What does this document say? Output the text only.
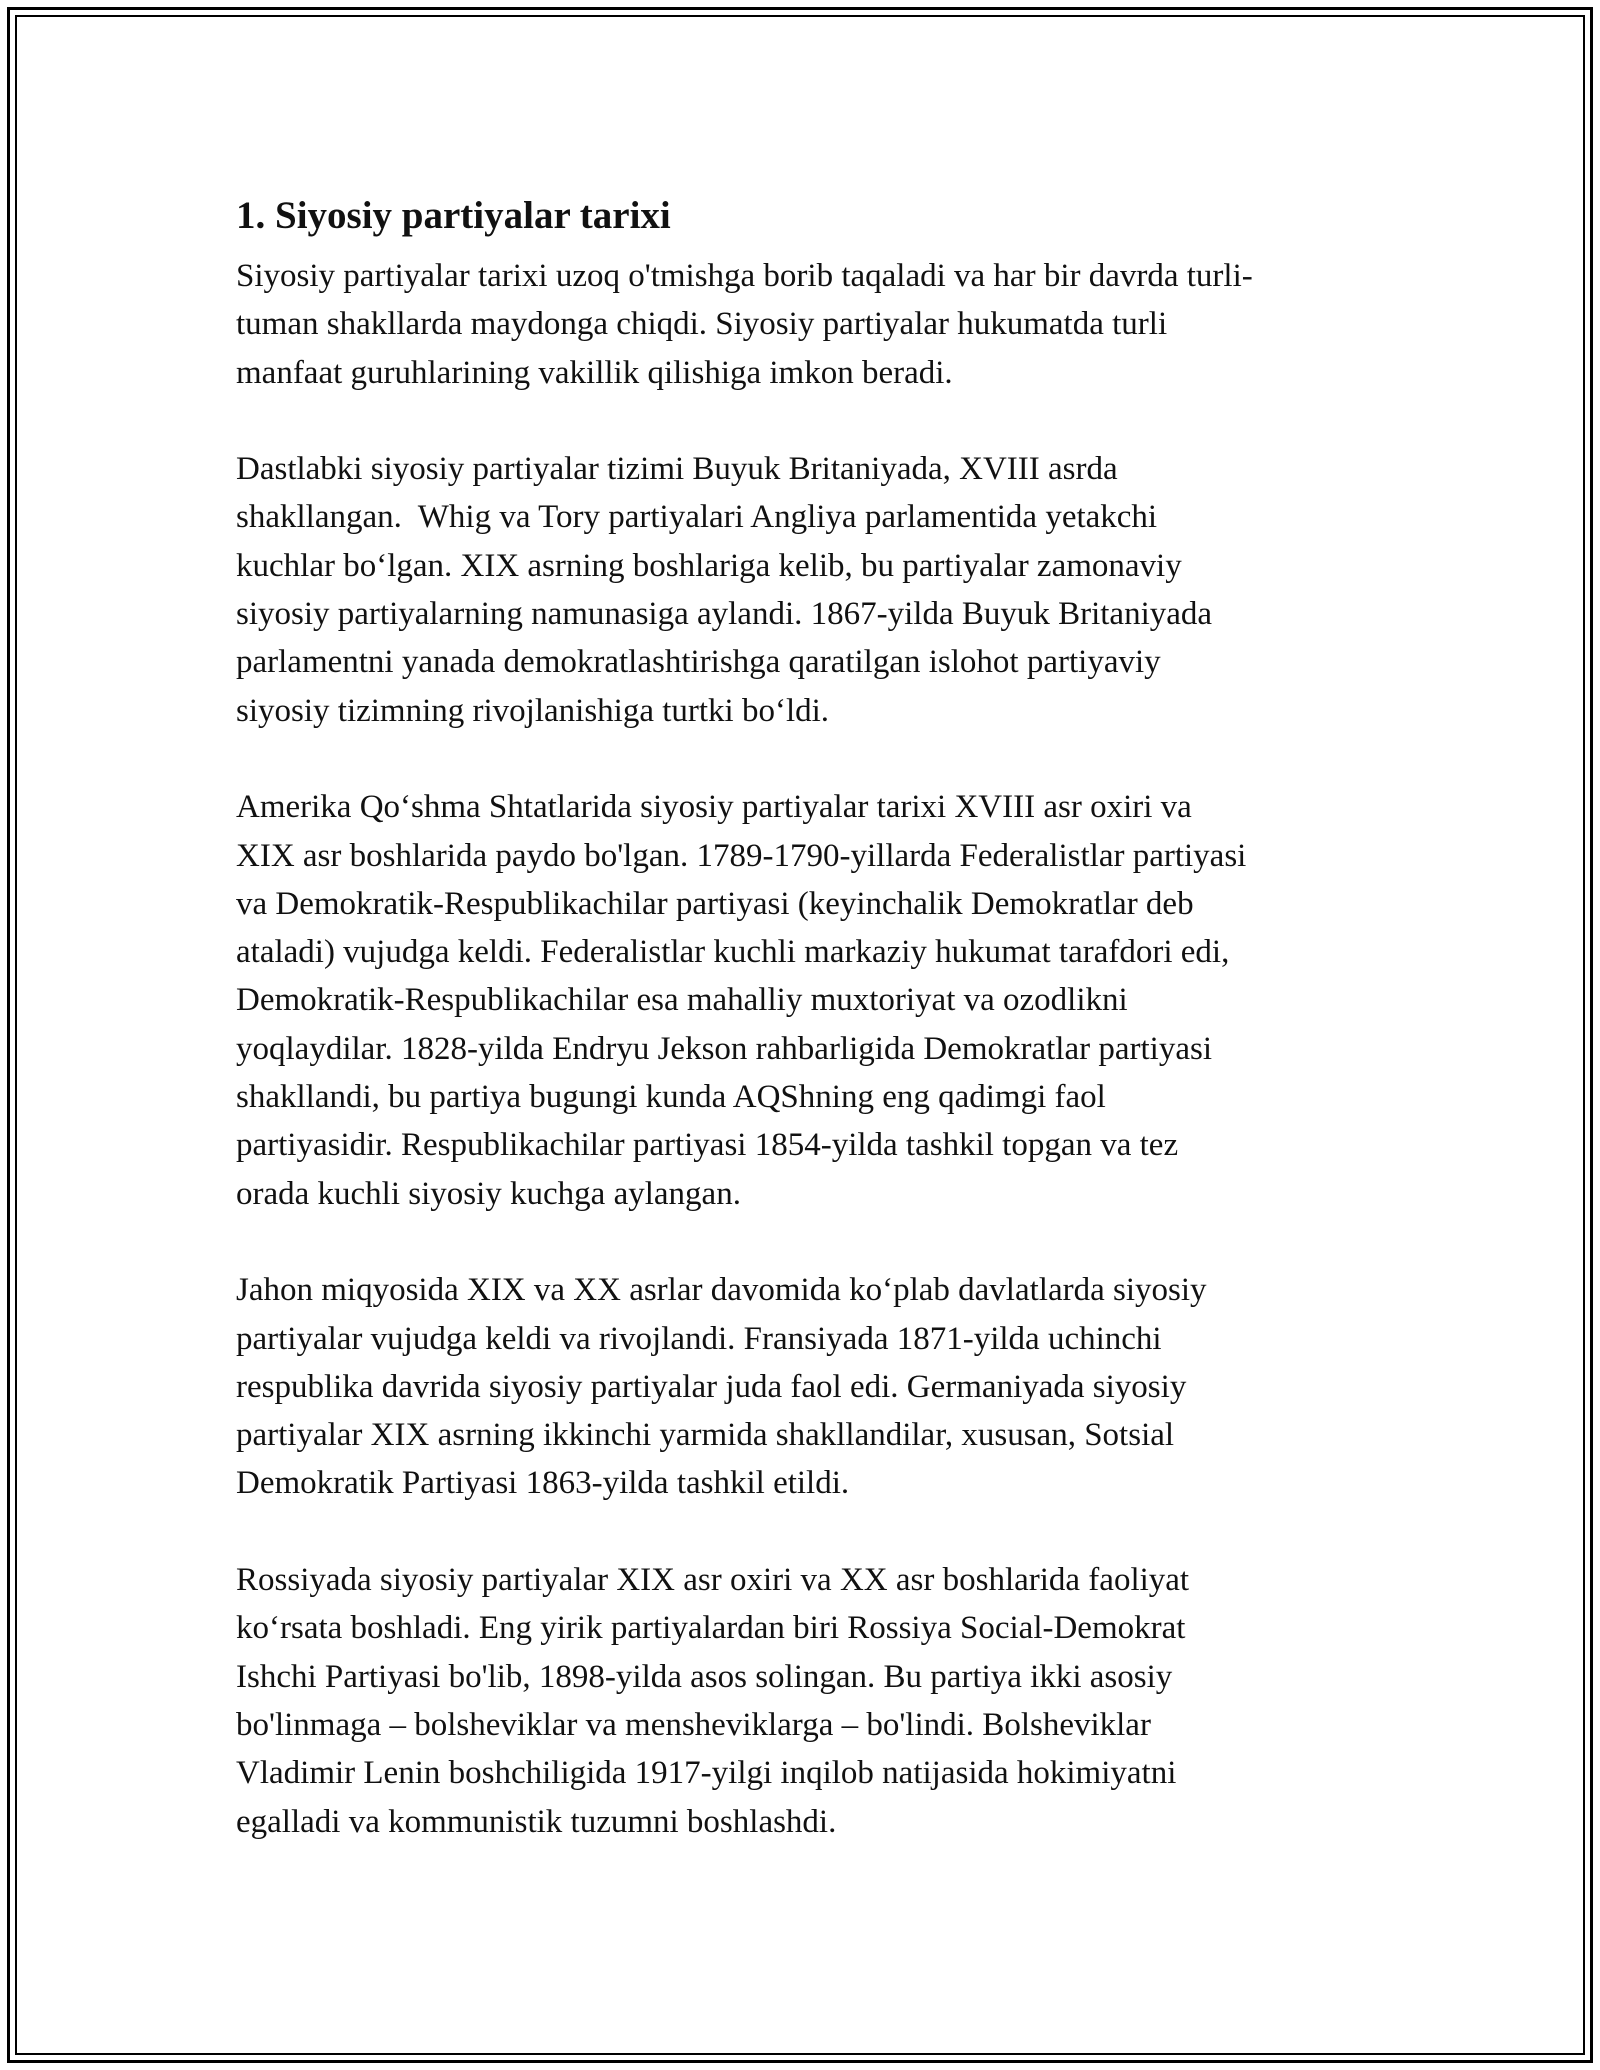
1. Siyosiy partiyalar tarixi

Siyosiy partiyalar tarixi uzoq o'tmishga borib taqaladi va har bir davrda turli-
tuman shakllarda maydonga chiqdi. Siyosiy partiyalar hukumatda turli
manfaat guruhlarining vakillik qilishiga imkon beradi.

Dastlabki siyosiy partiyalar tizimi Buyuk Britaniyada, XVIII asrda
shakllangan.  Whig va Tory partiyalari Angliya parlamentida yetakchi
kuchlar bo‘lgan. XIX asrning boshlariga kelib, bu partiyalar zamonaviy
siyosiy partiyalarning namunasiga aylandi. 1867-yilda Buyuk Britaniyada
parlamentni yanada demokratlashtirishga qaratilgan islohot partiyaviy
siyosiy tizimning rivojlanishiga turtki bo‘ldi.

Amerika Qo‘shma Shtatlarida siyosiy partiyalar tarixi XVIII asr oxiri va
XIX asr boshlarida paydo bo'lgan. 1789-1790-yillarda Federalistlar partiyasi
va Demokratik-Respublikachilar partiyasi (keyinchalik Demokratlar deb
ataladi) vujudga keldi. Federalistlar kuchli markaziy hukumat tarafdori edi,
Demokratik-Respublikachilar esa mahalliy muxtoriyat va ozodlikni
yoqlaydilar. 1828-yilda Endryu Jekson rahbarligida Demokratlar partiyasi
shakllandi, bu partiya bugungi kunda AQShning eng qadimgi faol
partiyasidir. Respublikachilar partiyasi 1854-yilda tashkil topgan va tez
orada kuchli siyosiy kuchga aylangan.

Jahon miqyosida XIX va XX asrlar davomida ko‘plab davlatlarda siyosiy
partiyalar vujudga keldi va rivojlandi. Fransiyada 1871-yilda uchinchi
respublika davrida siyosiy partiyalar juda faol edi. Germaniyada siyosiy
partiyalar XIX asrning ikkinchi yarmida shakllandilar, xususan, Sotsial
Demokratik Partiyasi 1863-yilda tashkil etildi.

Rossiyada siyosiy partiyalar XIX asr oxiri va XX asr boshlarida faoliyat
ko‘rsata boshladi. Eng yirik partiyalardan biri Rossiya Social-Demokrat
Ishchi Partiyasi bo'lib, 1898-yilda asos solingan. Bu partiya ikki asosiy
bo'linmaga – bolsheviklar va mensheviklarga – bo'lindi. Bolsheviklar
Vladimir Lenin boshchiligida 1917-yilgi inqilob natijasida hokimiyatni
egalladi va kommunistik tuzumni boshlashdi.
